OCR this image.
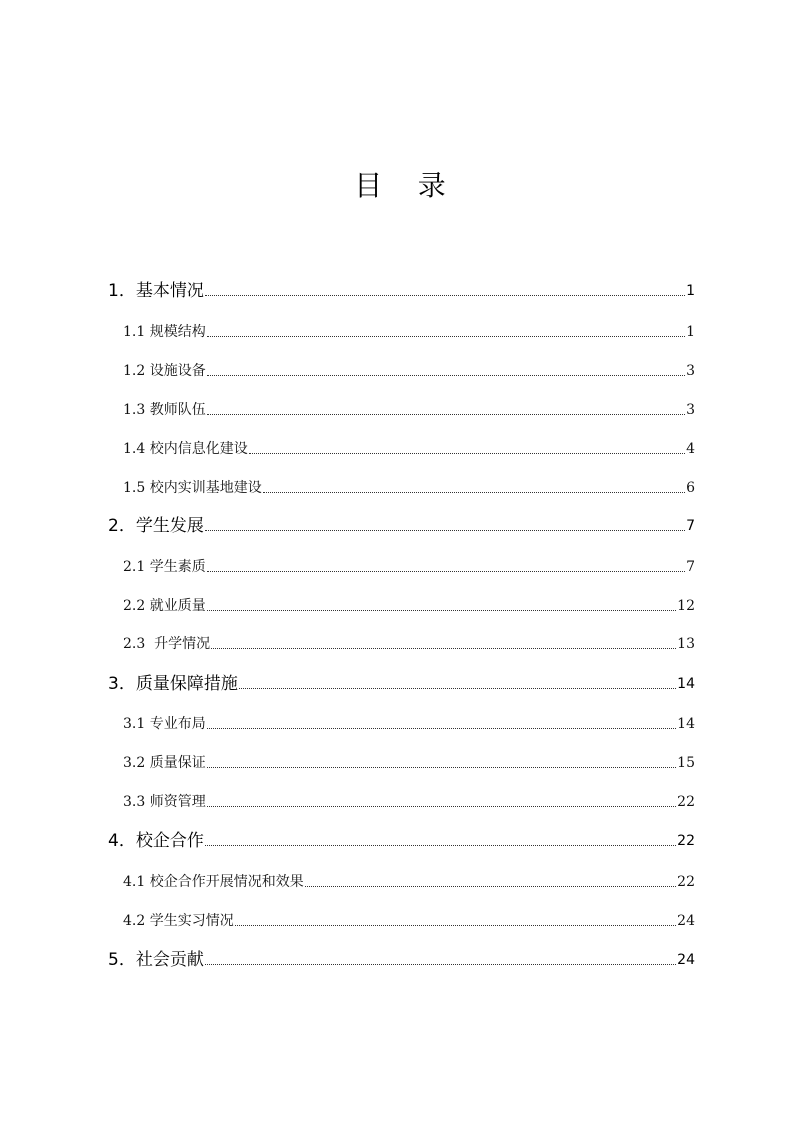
目    录
1．基本情况	1
1.1 规模结构	1
1.2 设施设备	3
1.3 教师队伍	3
1.4 校内信息化建设	4
1.5 校内实训基地建设	6
2．学生发展	7
2.1 学生素质	7
2.2 就业质量	12
2.3  升学情况	13
3．质量保障措施	14
3.1 专业布局	14
3.2 质量保证	15
3.3 师资管理	22
4．校企合作	22
4.1 校企合作开展情况和效果	22
4.2 学生实习情况	24
5．社会贡献	24
